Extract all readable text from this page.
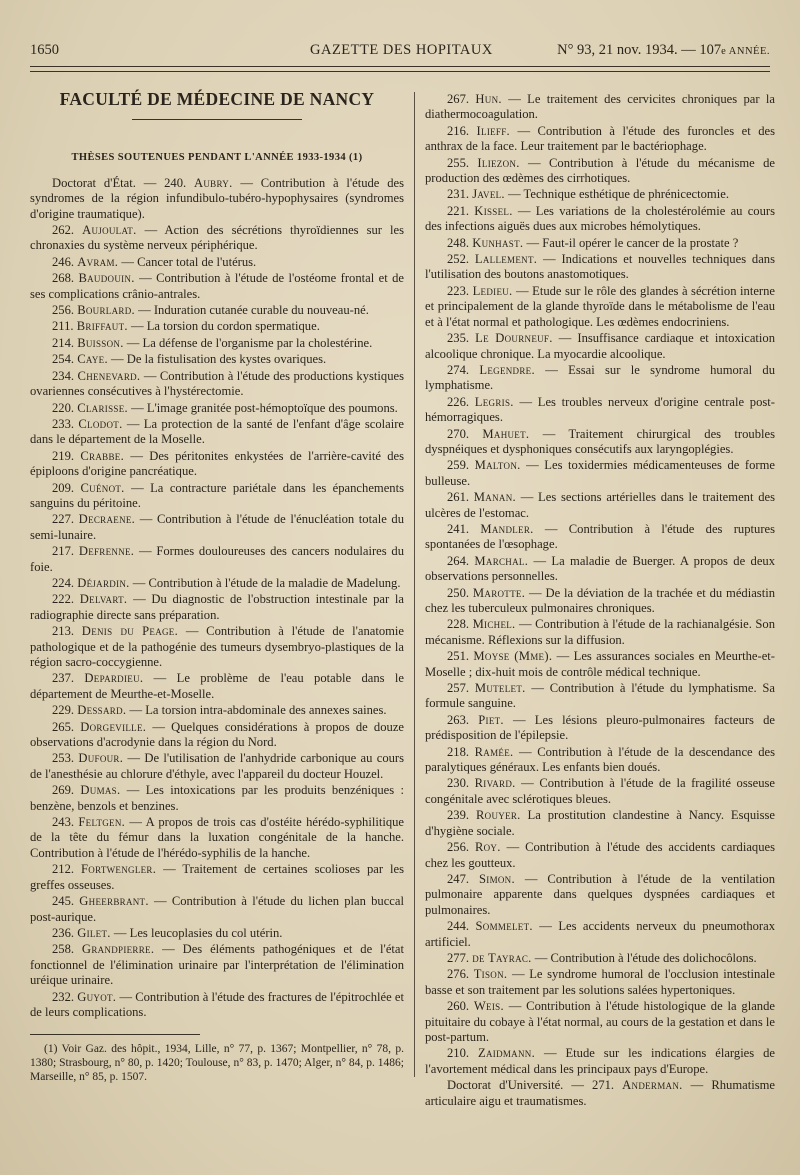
1650	GAZETTE DES HOPITAUX	N° 93, 21 nov. 1934. — 107e ANNÉE.
FACULTÉ DE MÉDECINE DE NANCY
THÈSES SOUTENUES PENDANT L'ANNÉE 1933-1934 (1)

Doctorat d'État. — 240. Aubry. — Contribution à l'étude des syndromes de la région infundibulo-tubéro-hypophysaires (syndromes d'origine traumatique).

262. Aujoulat. — Action des sécrétions thyroïdiennes sur les chronaxies du système nerveux périphérique.

246. Avram. — Cancer total de l'utérus.

268. Baudouin. — Contribution à l'étude de l'ostéome frontal et de ses complications crânio-antrales.

256. Bourlard. — Induration cutanée curable du nouveau-né.

211. Briffaut. — La torsion du cordon spermatique.

214. Buisson. — La défense de l'organisme par la cholestérine.

254. Caye. — De la fistulisation des kystes ovariques.

234. Chenevard. — Contribution à l'étude des productions kystiques ovariennes consécutives à l'hystérectomie.

220. Clarisse. — L'image granitée post-hémoptoïque des poumons.

233. Clodot. — La protection de la santé de l'enfant d'âge scolaire dans le département de la Moselle.

219. Crabbe. — Des péritonites enkystées de l'arrière-cavité des épiploons d'origine pancréatique.

209. Cuénot. — La contracture pariétale dans les épanchements sanguins du péritoine.

227. Decraene. — Contribution à l'étude de l'énucléation totale du semi-lunaire.

217. Defrenne. — Formes douloureuses des cancers nodulaires du foie.

224. Déjardin. — Contribution à l'étude de la maladie de Madelung.

222. Delvart. — Du diagnostic de l'obstruction intestinale par la radiographie directe sans préparation.

213. Denis du Peage. — Contribution à l'étude de l'anatomie pathologique et de la pathogénie des tumeurs dysembryo-plastiques de la région sacro-coccygienne.

237. Depardieu. — Le problème de l'eau potable dans le département de Meurthe-et-Moselle.

229. Dessard. — La torsion intra-abdominale des annexes saines.

265. Dorgeville. — Quelques considérations à propos de douze observations d'acrodynie dans la région du Nord.

253. Dufour. — De l'utilisation de l'anhydride carbonique au cours de l'anesthésie au chlorure d'éthyle, avec l'appareil du docteur Houzel.

269. Dumas. — Les intoxications par les produits benzéniques : benzène, benzols et benzines.

243. Feltgen. — A propos de trois cas d'ostéite hérédo-syphilitique de la tête du fémur dans la luxation congénitale de la hanche. Contribution à l'étude de l'hérédo-syphilis de la hanche.

212. Fortwengler. — Traitement de certaines scolioses par les greffes osseuses.

245. Gheerbrant. — Contribution à l'étude du lichen plan buccal post-aurique.

236. Gilet. — Les leucoplasies du col utérin.

258. Grandpierre. — Des éléments pathogéniques et de l'état fonctionnel de l'élimination urinaire par l'interprétation de l'élimination uréique urinaire.

232. Guyot. — Contribution à l'étude des fractures de l'épitrochlée et de leurs complications.

(1) Voir Gaz. des hôpit., 1934, Lille, n° 77, p. 1367; Montpellier, n° 78, p. 1380; Strasbourg, n° 80, p. 1420; Toulouse, n° 83, p. 1470; Alger, n° 84, p. 1486; Marseille, n° 85, p. 1507.

267. Hun. — Le traitement des cervicites chroniques par la diathermocoagulation.

216. Ilieff. — Contribution à l'étude des furoncles et des anthrax de la face. Leur traitement par le bactériophage.

255. Iliezon. — Contribution à l'étude du mécanisme de production des œdèmes des cirrhotiques.

231. Javel. — Technique esthétique de phrénicectomie.

221. Kissel. — Les variations de la cholestérolémie au cours des infections aiguës dues aux microbes hémolytiques.

248. Kunhast. — Faut-il opérer le cancer de la prostate ?

252. Lallement. — Indications et nouvelles techniques dans l'utilisation des boutons anastomotiques.

223. Ledieu. — Etude sur le rôle des glandes à sécrétion interne et principalement de la glande thyroïde dans le métabolisme de l'eau et à l'état normal et pathologique. Les œdèmes endocriniens.

235. Le Dourneuf. — Insuffisance cardiaque et intoxication alcoolique chronique. La myocardie alcoolique.

274. Legendre. — Essai sur le syndrome humoral du lymphatisme.

226. Legris. — Les troubles nerveux d'origine centrale post-hémorragiques.

270. Mahuet. — Traitement chirurgical des troubles dyspnéiques et dysphoniques consécutifs aux laryngoplégies.

259. Malton. — Les toxidermies médicamenteuses de forme bulleuse.

261. Manan. — Les sections artérielles dans le traitement des ulcères de l'estomac.

241. Mandler. — Contribution à l'étude des ruptures spontanées de l'œsophage.

264. Marchal. — La maladie de Buerger. A propos de deux observations personnelles.

250. Marotte. — De la déviation de la trachée et du médiastin chez les tuberculeux pulmonaires chroniques.

228. Michel. — Contribution à l'étude de la rachianalgésie. Son mécanisme. Réflexions sur la diffusion.

251. Moyse (Mme). — Les assurances sociales en Meurthe-et-Moselle ; dix-huit mois de contrôle médical technique.

257. Muteleт. — Contribution à l'étude du lymphatisme. Sa formule sanguine.

263. Piet. — Les lésions pleuro-pulmonaires facteurs de prédisposition de l'épilepsie.

218. Ramée. — Contribution à l'étude de la descendance des paralytiques généraux. Les enfants bien doués.

230. Rivard. — Contribution à l'étude de la fragilité osseuse congénitale avec sclérotiques bleues.

239. Rouyer. La prostitution clandestine à Nancy. Esquisse d'hygiène sociale.

256. Roy. — Contribution à l'étude des accidents cardiaques chez les goutteux.

247. Simon. — Contribution à l'étude de la ventilation pulmonaire apparente dans quelques dyspnées cardiaques et pulmonaires.

244. Sommelet. — Les accidents nerveux du pneumothorax artificiel.

277. de Tayrac. — Contribution à l'étude des dolichocôlons.

276. Tison. — Le syndrome humoral de l'occlusion intestinale basse et son traitement par les solutions salées hypertoniques.

260. Weis. — Contribution à l'étude histologique de la glande pituitaire du cobaye à l'état normal, au cours de la gestation et dans le post-partum.

210. Zaidmann. — Etude sur les indications élargies de l'avortement médical dans les principaux pays d'Europe.

Doctorat d'Université. — 271. Anderman. — Rhumatisme articulaire aigu et traumatismes.
